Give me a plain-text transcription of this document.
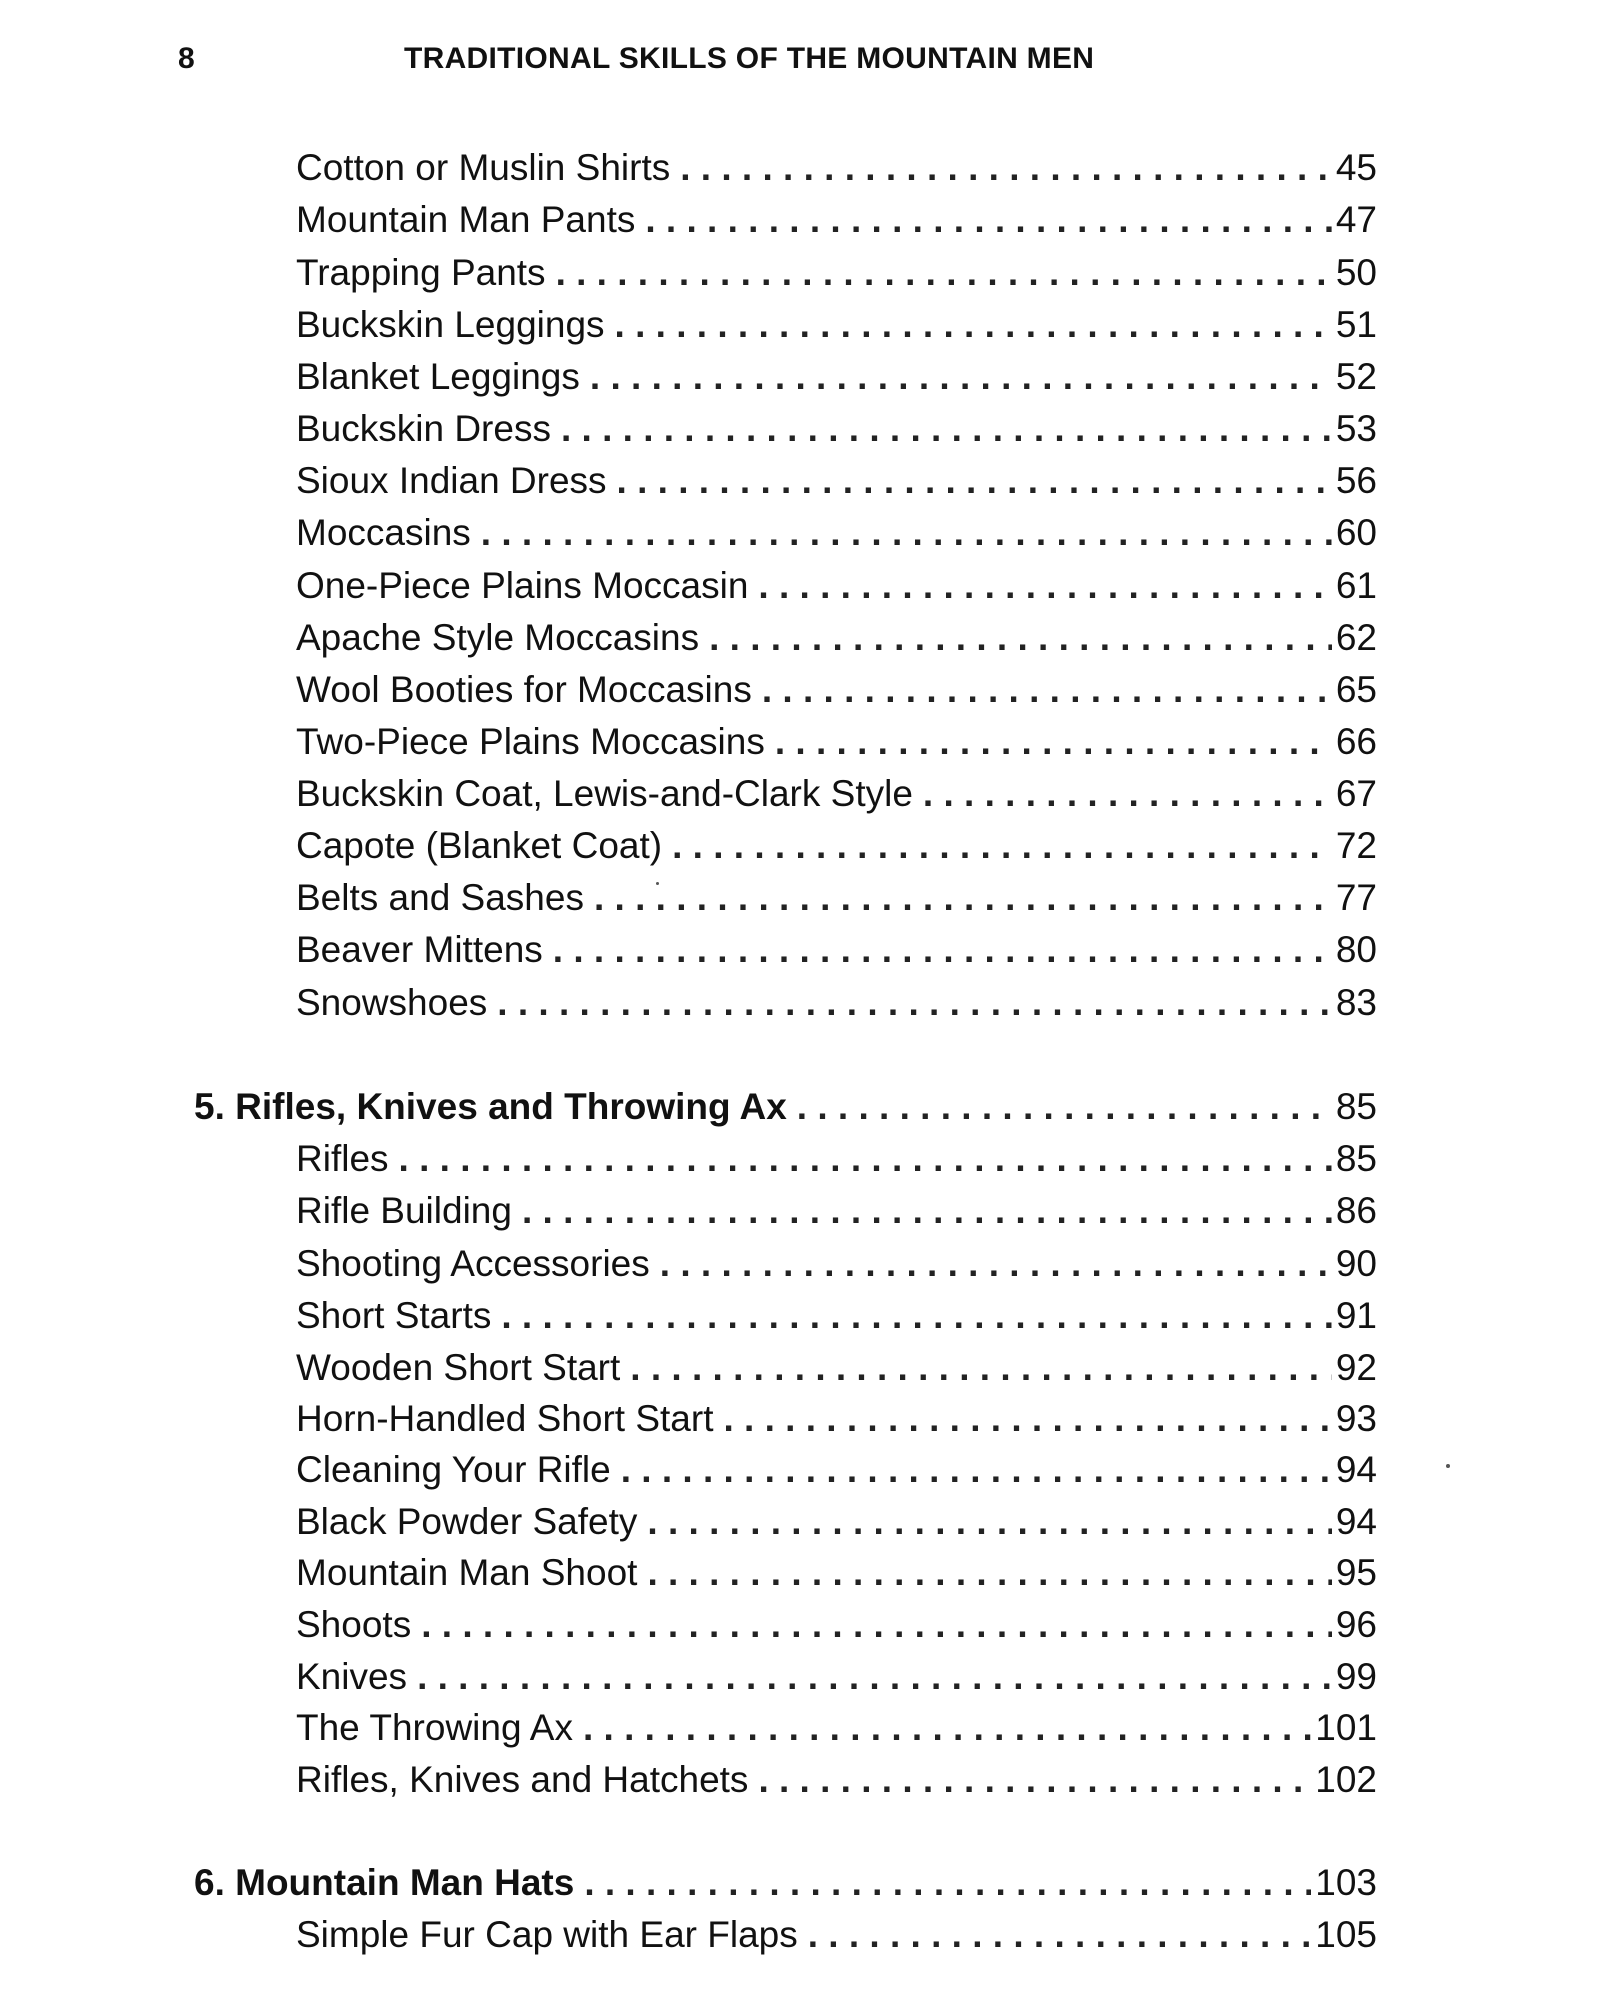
8	TRADITIONAL SKILLS OF THE MOUNTAIN MEN
Cotton or Muslin Shirts . . .	45
Mountain Man Pants . . .	47
Trapping Pants . . .	50
Buckskin Leggings . . .	51
Blanket Leggings . . .	52
Buckskin Dress . . .	53
Sioux Indian Dress . . .	56
Moccasins . . .	60
One-Piece Plains Moccasin . . .	61
Apache Style Moccasins . . .	62
Wool Booties for Moccasins . . .	65
Two-Piece Plains Moccasins . . .	66
Buckskin Coat, Lewis-and-Clark Style . . .	67
Capote (Blanket Coat) . . .	72
Belts and Sashes . . .	77
Beaver Mittens . . .	80
Snowshoes . . .	83
5. Rifles, Knives and Throwing Ax . . .	85
Rifles . . .	85
Rifle Building . . .	86
Shooting Accessories . . .	90
Short Starts . . .	91
Wooden Short Start . . .	92
Horn-Handled Short Start . . .	93
Cleaning Your Rifle . . .	94
Black Powder Safety . . .	94
Mountain Man Shoot . . .	95
Shoots . . .	96
Knives . . .	99
The Throwing Ax . . .	101
Rifles, Knives and Hatchets . . .	102
6. Mountain Man Hats . . .	103
Simple Fur Cap with Ear Flaps . . .	105
